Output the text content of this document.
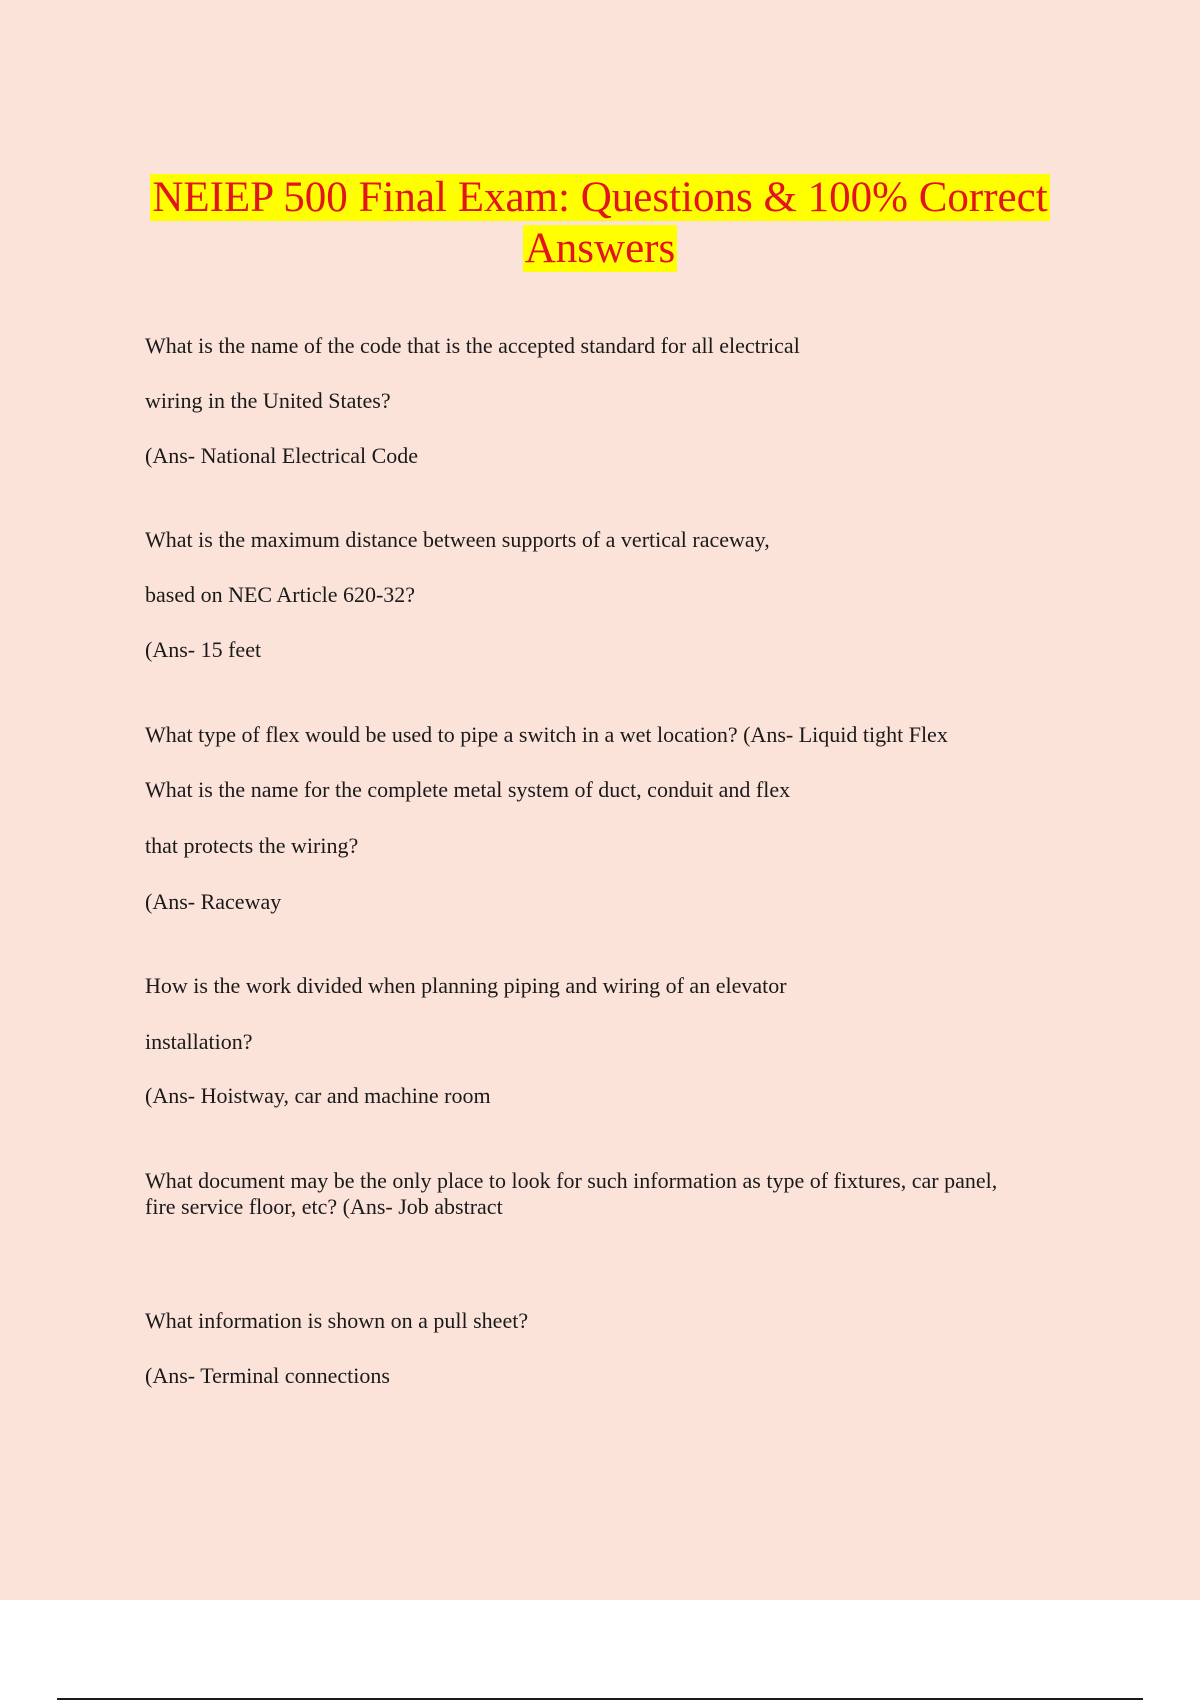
NEIEP 500 Final Exam: Questions & 100% Correct
Answers
What is the name of the code that is the accepted standard for all electrical
wiring in the United States?
(Ans- National Electrical Code
What is the maximum distance between supports of a vertical raceway,
based on NEC Article 620-32?
(Ans- 15 feet
What type of flex would be used to pipe a switch in a wet location? (Ans- Liquid tight Flex
What is the name for the complete metal system of duct, conduit and flex
that protects the wiring?
(Ans- Raceway
How is the work divided when planning piping and wiring of an elevator
installation?
(Ans- Hoistway, car and machine room
What document may be the only place to look for such information as type of fixtures, car panel,
fire service floor, etc? (Ans- Job abstract
What information is shown on a pull sheet?
(Ans- Terminal connections
